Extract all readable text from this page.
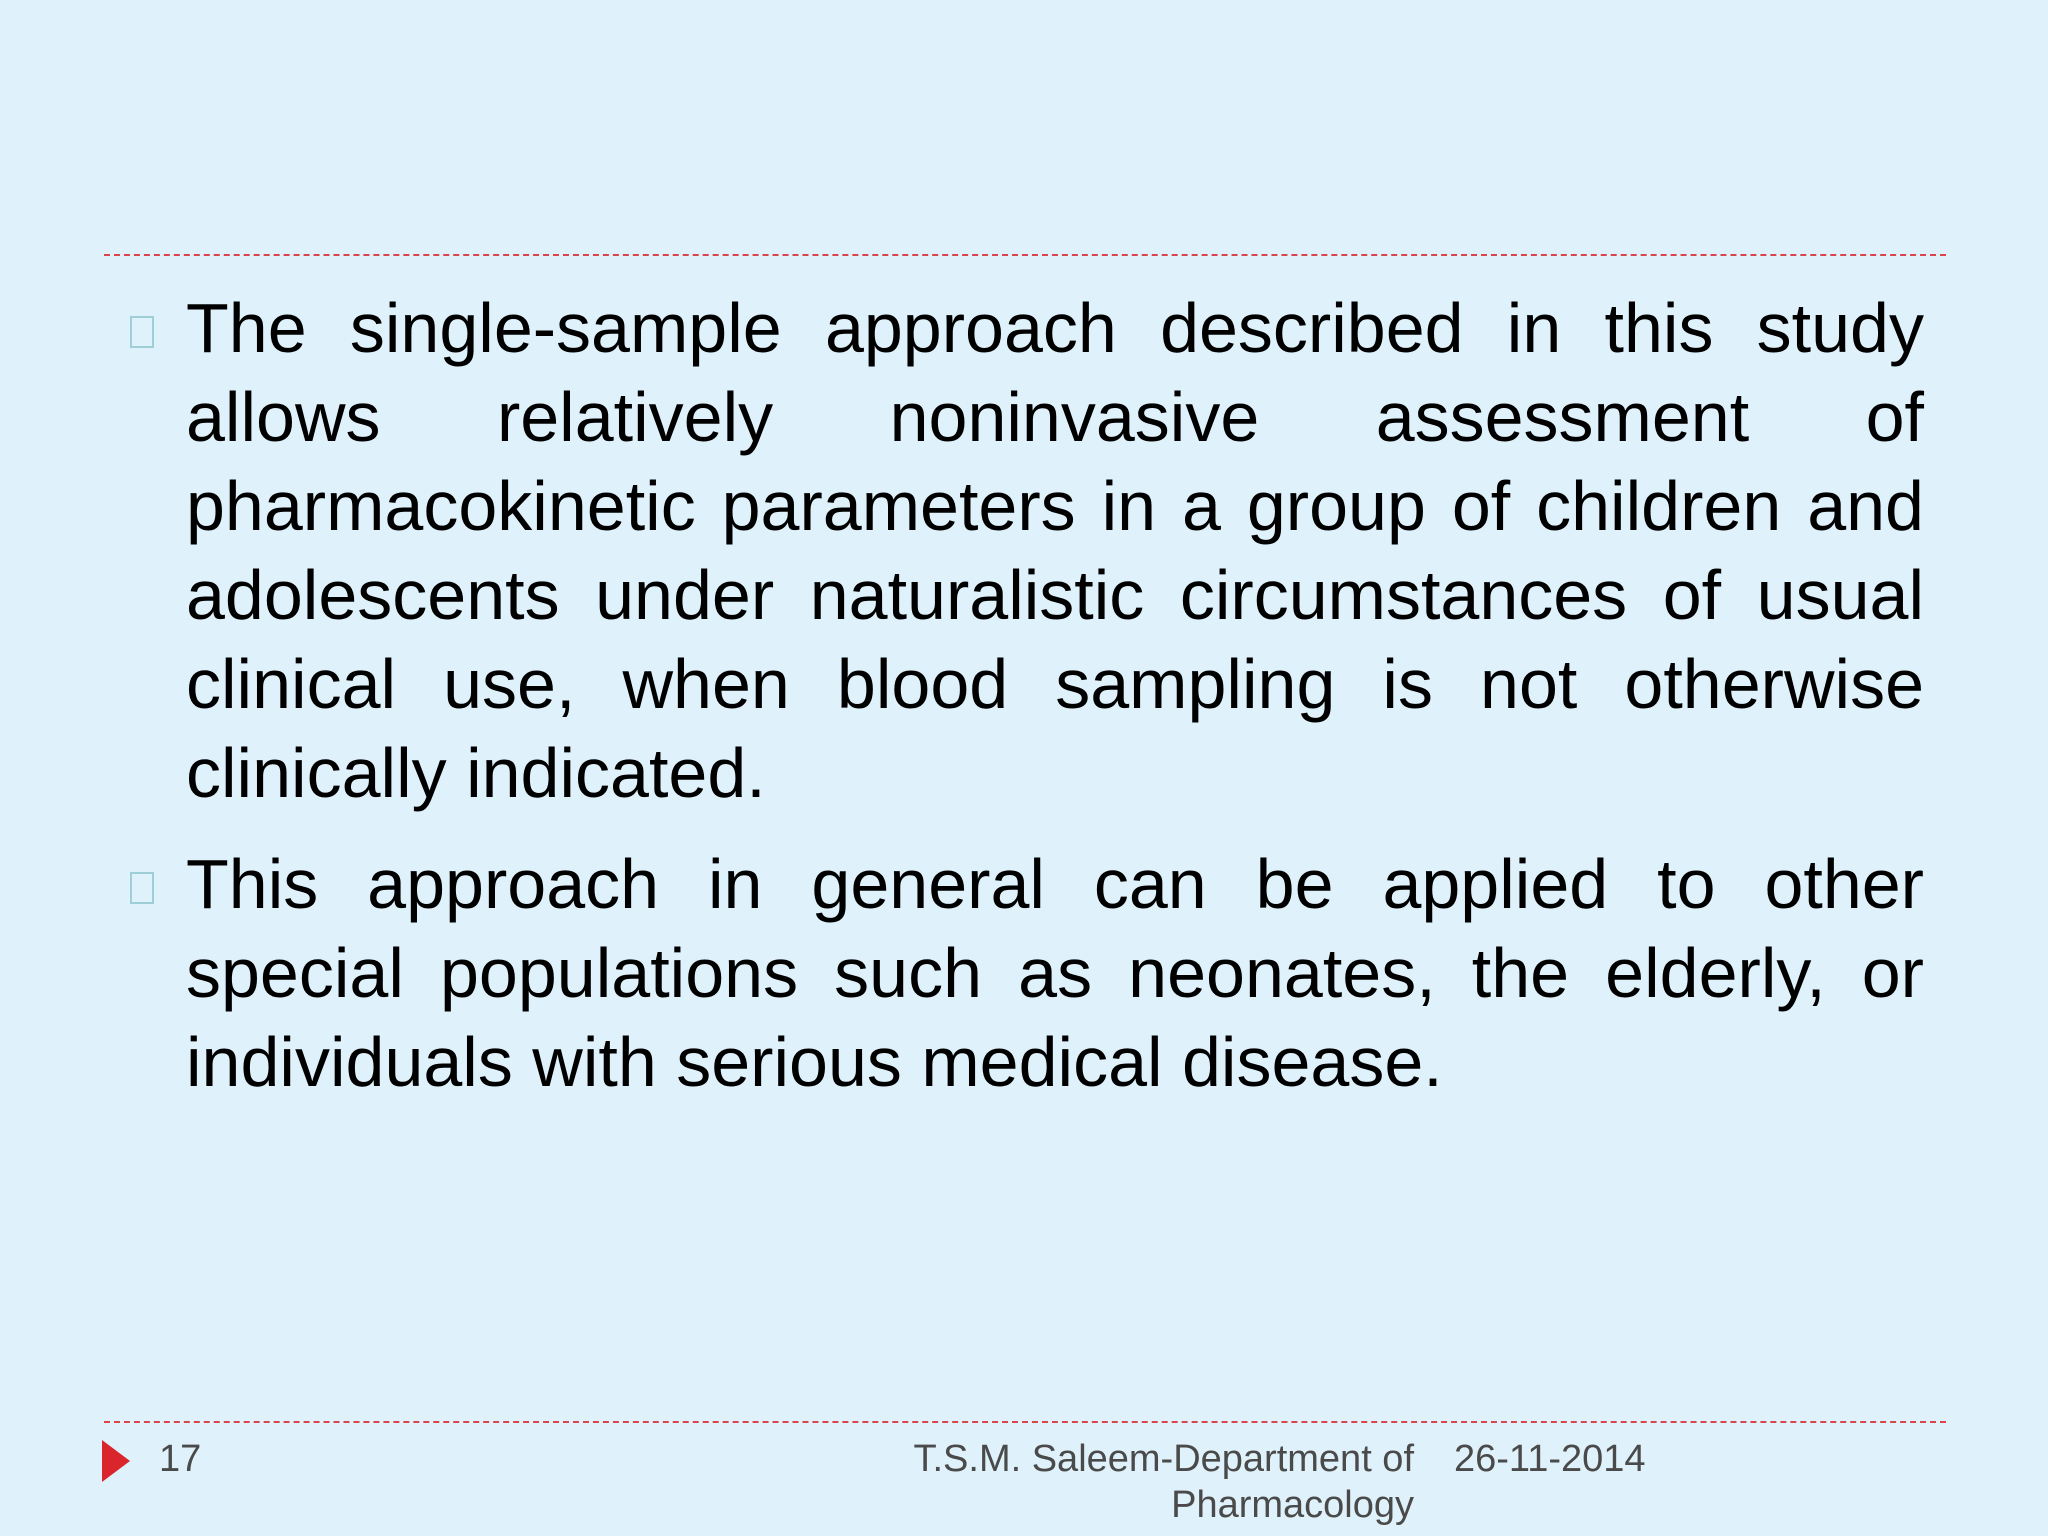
The single-sample approach described in this study allows relatively noninvasive assessment of pharmacokinetic parameters in a group of children and adolescents under naturalistic circumstances of usual clinical use, when blood sampling is not otherwise clinically indicated.
This approach in general can be applied to other special populations such as neonates, the elderly, or individuals with serious medical disease.
17	T.S.M. Saleem-Department of
Pharmacology
26-11-2014
